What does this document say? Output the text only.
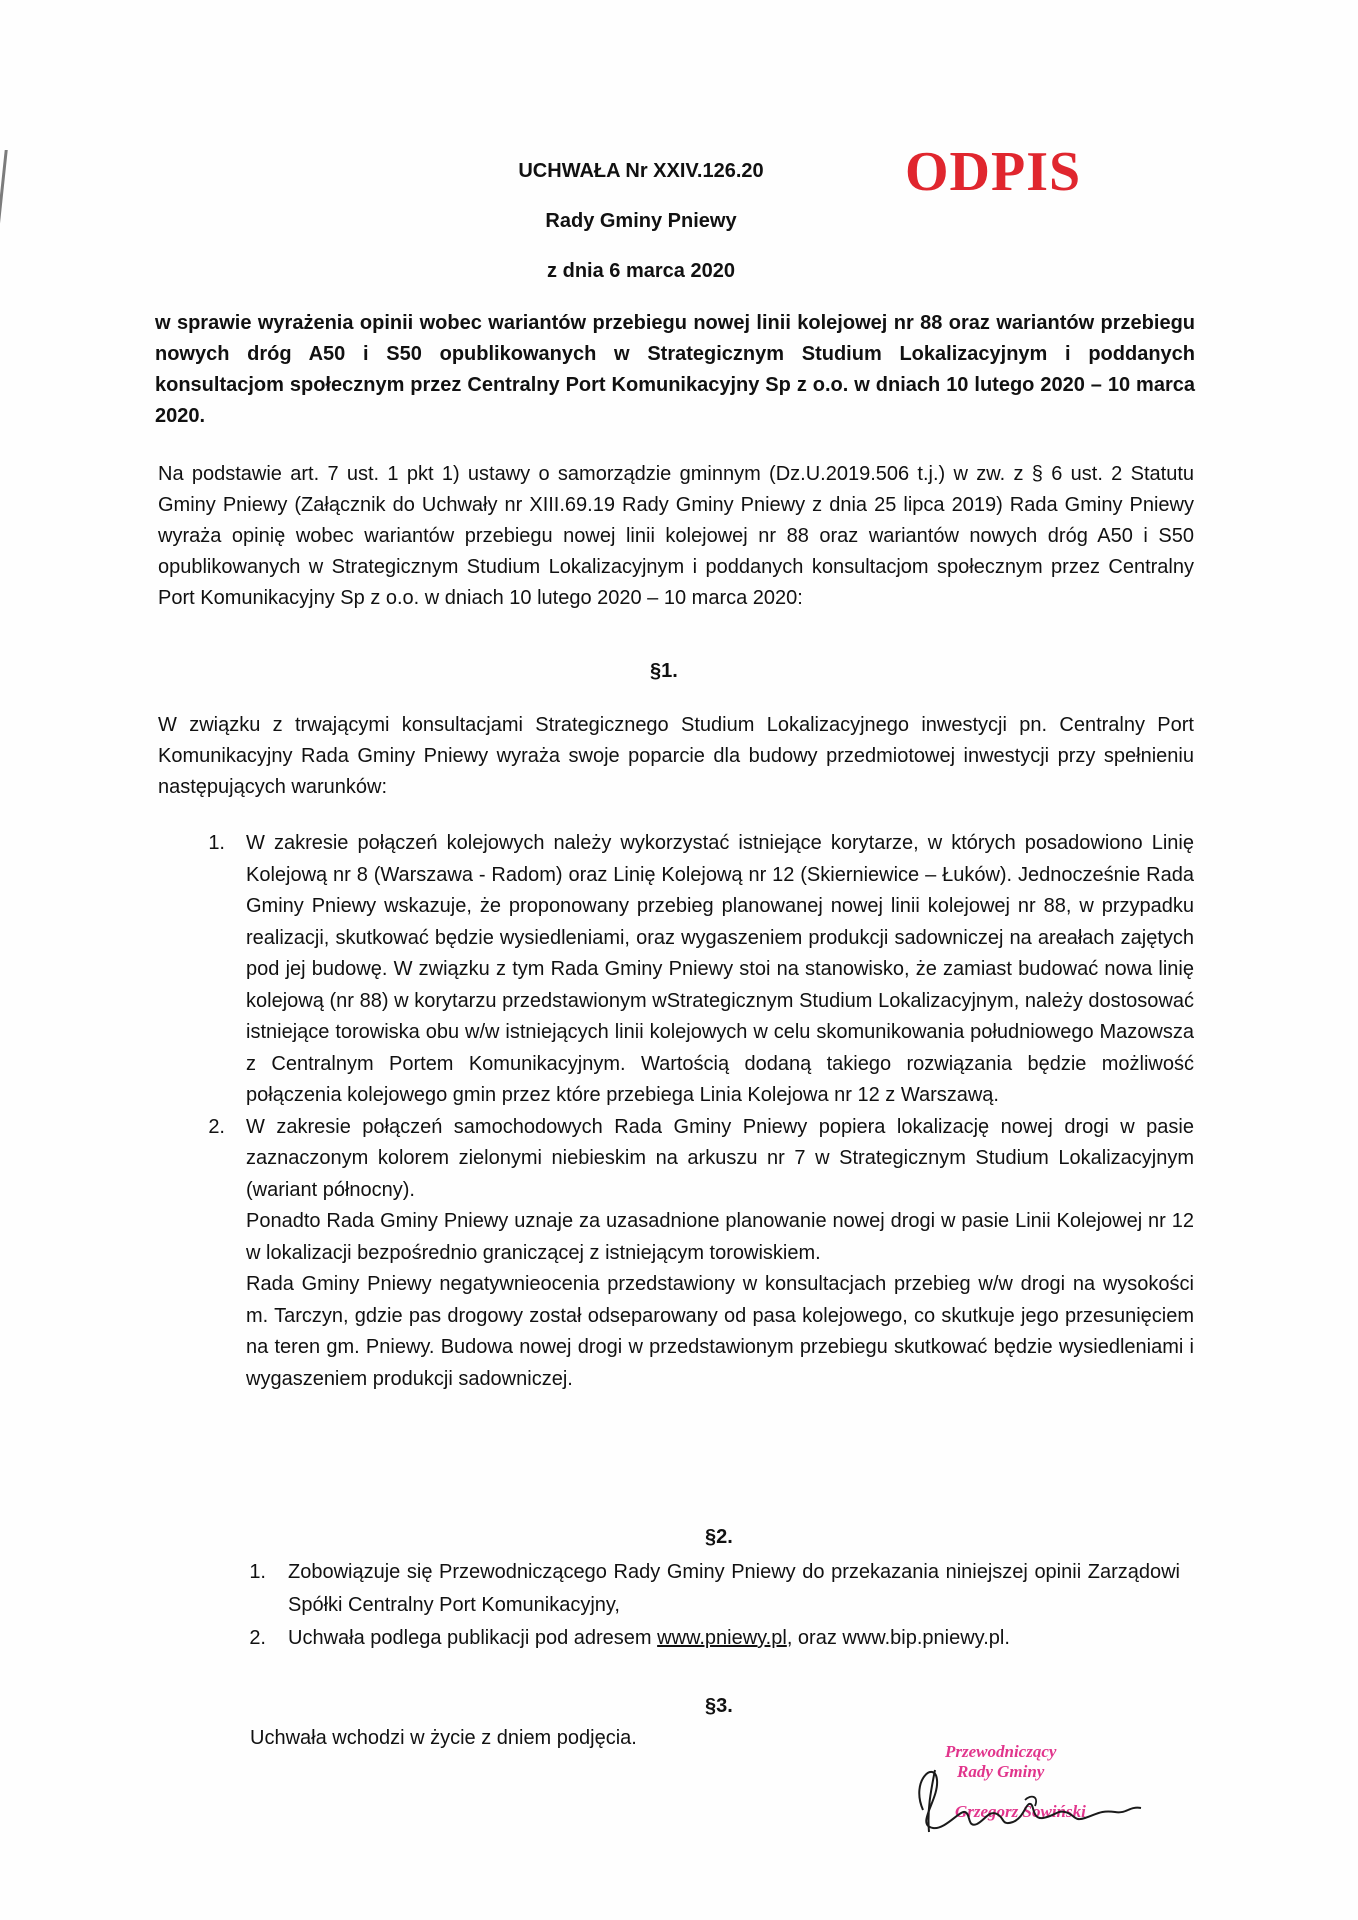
ODPIS
UCHWAŁA Nr XXIV.126.20
Rady Gminy Pniewy
z dnia 6 marca 2020
w sprawie wyrażenia opinii wobec wariantów przebiegu nowej linii kolejowej nr 88 oraz wariantów przebiegu nowych dróg A50 i S50 opublikowanych w Strategicznym Studium Lokalizacyjnym i poddanych konsultacjom społecznym przez Centralny Port Komunikacyjny Sp z o.o. w dniach 10 lutego 2020 – 10 marca 2020.
Na podstawie art. 7 ust. 1 pkt 1) ustawy o samorządzie gminnym (Dz.U.2019.506 t.j.) w zw. z § 6 ust. 2 Statutu Gminy Pniewy (Załącznik do Uchwały nr XIII.69.19 Rady Gminy Pniewy z dnia 25 lipca 2019) Rada Gminy Pniewy wyraża opinię wobec wariantów przebiegu nowej linii kolejowej nr 88 oraz wariantów nowych dróg A50 i S50 opublikowanych w Strategicznym Studium Lokalizacyjnym i poddanych konsultacjom społecznym przez Centralny Port Komunikacyjny Sp z o.o. w dniach 10 lutego 2020 – 10 marca 2020:
§1.
W związku z trwającymi konsultacjami Strategicznego Studium Lokalizacyjnego inwestycji pn. Centralny Port Komunikacyjny Rada Gminy Pniewy wyraża swoje poparcie dla budowy przedmiotowej inwestycji przy spełnieniu następujących warunków:
1.	W zakresie połączeń kolejowych należy wykorzystać istniejące korytarze, w których posadowiono Linię Kolejową nr 8 (Warszawa - Radom) oraz Linię Kolejową nr 12 (Skierniewice – Łuków). Jednocześnie Rada Gminy Pniewy wskazuje, że proponowany przebieg planowanej nowej linii kolejowej nr 88, w przypadku realizacji, skutkować będzie wysiedleniami, oraz wygaszeniem produkcji sadowniczej na areałach zajętych pod jej budowę. W związku z tym Rada Gminy Pniewy stoi na stanowisko, że zamiast budować nowa linię kolejową (nr 88) w korytarzu przedstawionym wStrategicznym Studium Lokalizacyjnym, należy dostosować istniejące torowiska obu w/w istniejących linii kolejowych w celu skomunikowania południowego Mazowsza z Centralnym Portem Komunikacyjnym. Wartością dodaną takiego rozwiązania będzie możliwość połączenia kolejowego gmin przez które przebiega Linia Kolejowa nr 12 z Warszawą.

2.	W zakresie połączeń samochodowych Rada Gminy Pniewy popiera lokalizację nowej drogi w pasie zaznaczonym kolorem zielonymi niebieskim na arkuszu nr 7 w Strategicznym Studium Lokalizacyjnym (wariant północny).

Ponadto Rada Gminy Pniewy uznaje za uzasadnione planowanie nowej drogi w pasie Linii Kolejowej nr 12 w lokalizacji bezpośrednio graniczącej z istniejącym torowiskiem.

Rada Gminy Pniewy negatywnieocenia przedstawiony w konsultacjach przebieg w/w drogi na wysokości m. Tarczyn, gdzie pas drogowy został odseparowany od pasa kolejowego, co skutkuje jego przesunięciem na teren gm. Pniewy. Budowa nowej drogi w przedstawionym przebiegu skutkować będzie wysiedleniami i wygaszeniem produkcji sadowniczej.

§2.
1.	Zobowiązuje się Przewodniczącego Rady Gminy Pniewy do przekazania niniejszej opinii Zarządowi Spółki Centralny Port Komunikacyjny,
2.	Uchwała podlega publikacji pod adresem www.pniewy.pl, oraz www.bip.pniewy.pl.
§3.
Uchwała wchodzi w życie z dniem podjęcia.
Przewodniczący
Rady Gminy
Grzegorz Sowiński
